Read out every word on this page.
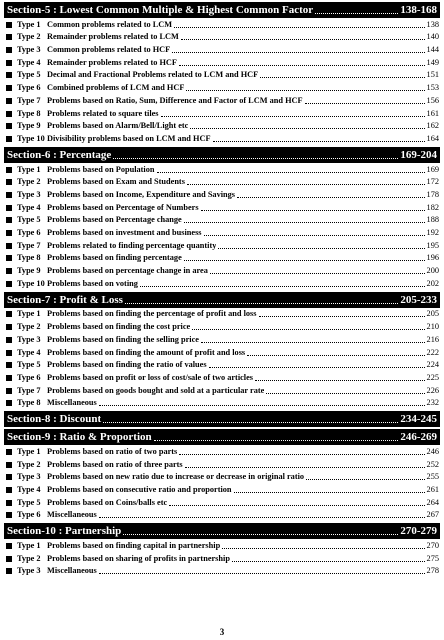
Section-5 : Lowest Common Multiple & Highest Common Factor	138-168
Type 1 Common problems related to LCM	138
Type 2 Remainder problems related to LCM	140
Type 3 Common problems related to HCF	144
Type 4 Remainder problems related to HCF	149
Type 5 Decimal and Fractional Problems related to LCM and HCF	151
Type 6 Combined problems of LCM and HCF	153
Type 7 Problems based on Ratio, Sum, Difference and Factor of LCM and HCF	156
Type 8 Problems related to square tiles	161
Type 9 Problems based on Alarm/Bell/Light etc	162
Type 10 Divisibility problems based on LCM and HCF	164
Section-6 : Percentage	169-204
Type 1 Problems based on Population	169
Type 2 Problems based on Exam and Students	172
Type 3 Problems based on Income, Expenditure and Savings	178
Type 4 Problems based on Percentage of Numbers	182
Type 5 Problems based on Percentage change	188
Type 6 Problems based on investment and business	192
Type 7 Problems related to finding percentage quantity	195
Type 8 Problems based on finding percentage	196
Type 9 Problems based on percentage change in area	200
Type 10 Problems based on voting	202
Section-7 : Profit & Loss	205-233
Type 1 Problems based on finding the percentage of profit and loss	205
Type 2 Problems based on finding the cost price	210
Type 3 Problems based on finding the selling price	216
Type 4 Problems based on finding the amount of profit and loss	222
Type 5 Problems based on finding the ratio of values	224
Type 6 Problems based on profit or loss of cost/sale of two articles	225
Type 7 Problems based on goods bought and sold at a particular rate	226
Type 8 Miscellaneous	232
Section-8 : Discount	234-245
Section-9 : Ratio & Proportion	246-269
Type 1 Problems based on ratio of two parts	246
Type 2 Problems based on ratio of three parts	252
Type 3 Problems based on new ratio due to increase or decrease in original ratio	255
Type 4 Problems based on consecutive ratio and proportion	261
Type 5 Problems based on Coins/balls etc	264
Type 6 Miscellaneous	267
Section-10 : Partnership	270-279
Type 1 Problems based on finding capital in partnership	270
Type 2 Problems based on sharing of profits in partnership	275
Type 3 Miscellaneous	278
3
